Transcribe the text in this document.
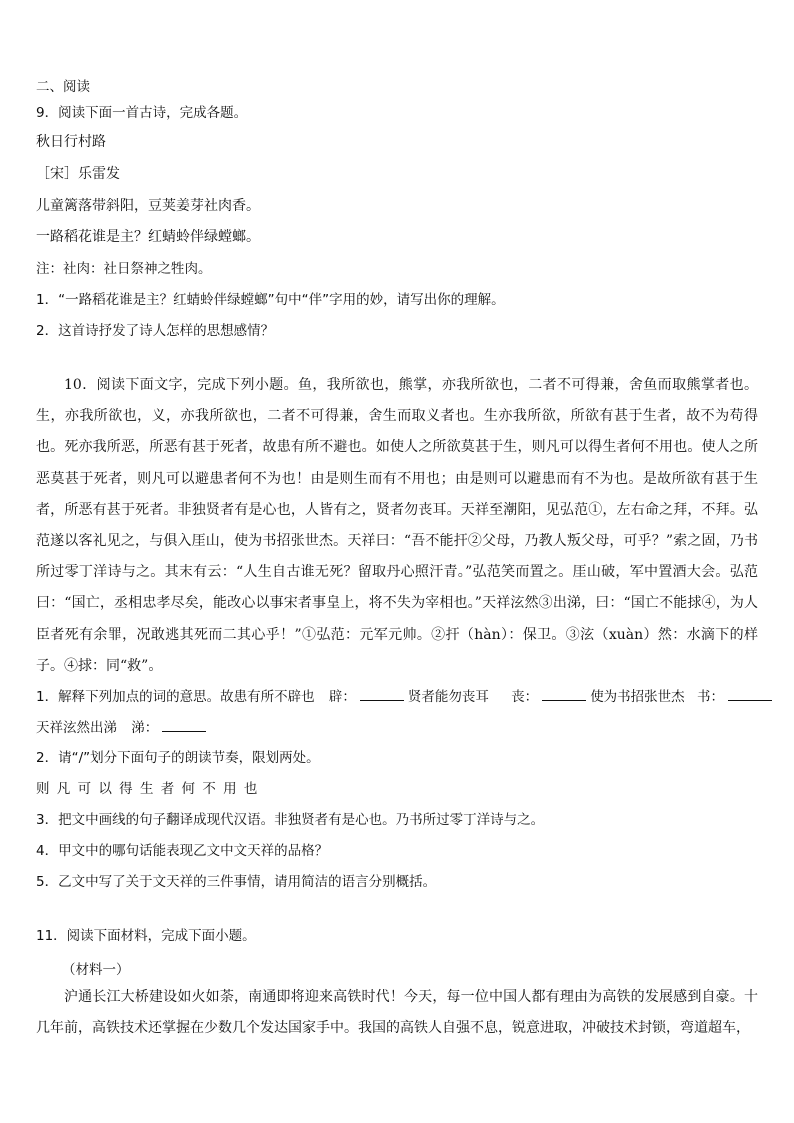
二、阅读
9．阅读下面一首古诗，完成各题。
秋日行村路
［宋］乐雷发
儿童篱落带斜阳，豆荚姜芽社肉香。
一路稻花谁是主？红蜻蛉伴绿螳螂。
注：社肉：社日祭神之牲肉。
1．“一路稻花谁是主？红蜻蛉伴绿螳螂”句中“伴”字用的妙，请写出你的理解。
2．这首诗抒发了诗人怎样的思想感情？
10．阅读下面文字，完成下列小题。鱼，我所欲也，熊掌，亦我所欲也，二者不可得兼，舍鱼而取熊掌者也。生，亦我所欲也，义，亦我所欲也，二者不可得兼，舍生而取义者也。生亦我所欲，所欲有甚于生者，故不为苟得也。死亦我所恶，所恶有甚于死者，故患有所不避也。如使人之所欲莫甚于生，则凡可以得生者何不用也。使人之所恶莫甚于死者，则凡可以避患者何不为也！由是则生而有不用也；由是则可以避患而有不为也。是故所欲有甚于生者，所恶有甚于死者。非独贤者有是心也，人皆有之，贤者勿丧耳。天祥至潮阳，见弘范①，左右命之拜，不拜。弘范遂以客礼见之，与俱入厓山，使为书招张世杰。天祥曰：“吾不能扞②父母，乃教人叛父母，可乎？”索之固，乃书所过零丁洋诗与之。其末有云：“人生自古谁无死？留取丹心照汗青。”弘范笑而置之。厓山破，军中置酒大会。弘范曰：“国亡，丞相忠孝尽矣，能改心以事宋者事皇上，将不失为宰相也。”天祥泫然③出涕，曰：“国亡不能捄④，为人臣者死有余罪，况敢逃其死而二其心乎！”①弘范：元军元帅。②扞（hàn）：保卫。③泫（xuàn）然：水滴下的样子。④捄：同“救”。
1．解释下列加点的词的意思。故患有所不辟也 辟：	贤者能勿丧耳 丧：	使为书招张世杰 书：
天祥泫然出涕 涕：
2．请“/”划分下面句子的朗读节奏，限划两处。
则 凡 可 以 得 生 者 何 不 用 也
3．把文中画线的句子翻译成现代汉语。非独贤者有是心也。乃书所过零丁洋诗与之。
4．甲文中的哪句话能表现乙文中文天祥的品格？
5．乙文中写了关于文天祥的三件事情，请用简洁的语言分别概括。
11．阅读下面材料，完成下面小题。
（材料一）
沪通长江大桥建设如火如荼，南通即将迎来高铁时代！今天，每一位中国人都有理由为高铁的发展感到自豪。十几年前，高铁技术还掌握在少数几个发达国家手中。我国的高铁人自强不息，锐意进取，冲破技术封锁，弯道超车，
